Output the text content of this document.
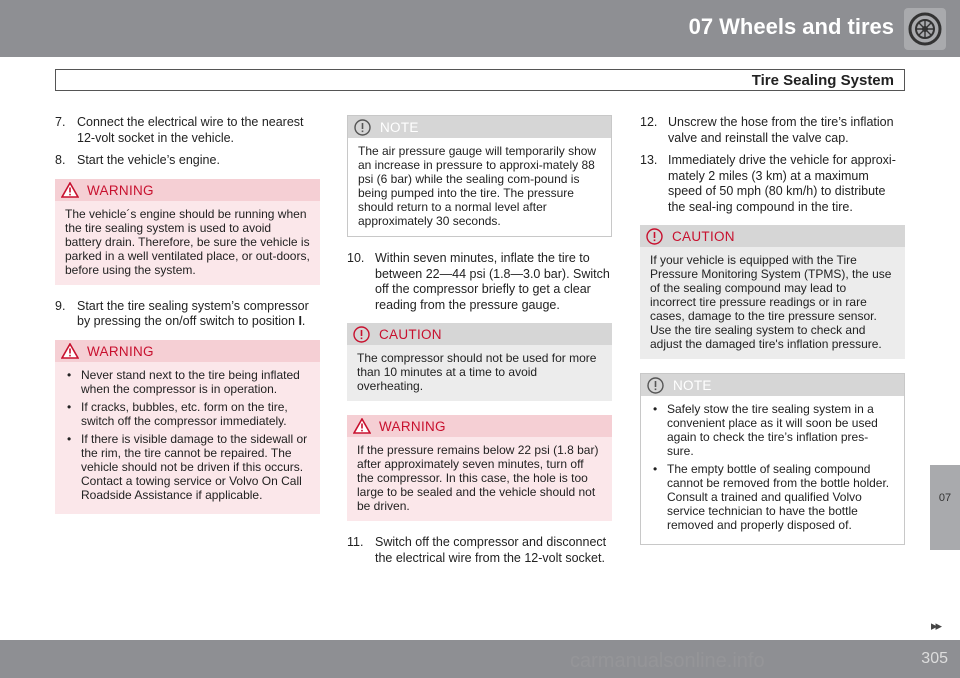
07 Wheels and tires
Tire Sealing System
7. Connect the electrical wire to the nearest 12-volt socket in the vehicle.
8. Start the vehicle’s engine.
WARNING
The vehicle´s engine should be running when the tire sealing system is used to avoid battery drain. Therefore, be sure the vehicle is parked in a well ventilated place, or out-doors, before using the system.
9. Start the tire sealing system’s compressor by pressing the on/off switch to position I.
WARNING
• Never stand next to the tire being inflated when the compressor is in operation.
• If cracks, bubbles, etc. form on the tire, switch off the compressor immediately.
• If there is visible damage to the sidewall or the rim, the tire cannot be repaired. The vehicle should not be driven if this occurs. Contact a towing service or Volvo On Call Roadside Assistance if applicable.
NOTE
The air pressure gauge will temporarily show an increase in pressure to approxi-mately 88 psi (6 bar) while the sealing com-pound is being pumped into the tire. The pressure should return to a normal level after approximately 30 seconds.
10. Within seven minutes, inflate the tire to between 22—44 psi (1.8—3.0 bar). Switch off the compressor briefly to get a clear reading from the pressure gauge.
CAUTION
The compressor should not be used for more than 10 minutes at a time to avoid overheating.
WARNING
If the pressure remains below 22 psi (1.8 bar) after approximately seven minutes, turn off the compressor. In this case, the hole is too large to be sealed and the vehicle should not be driven.
11. Switch off the compressor and disconnect the electrical wire from the 12-volt socket.
12. Unscrew the hose from the tire’s inflation valve and reinstall the valve cap.
13. Immediately drive the vehicle for approxi-mately 2 miles (3 km) at a maximum speed of 50 mph (80 km/h) to distribute the seal-ing compound in the tire.
CAUTION
If your vehicle is equipped with the Tire Pressure Monitoring System (TPMS), the use of the sealing compound may lead to incorrect tire pressure readings or in rare cases, damage to the tire pressure sensor. Use the tire sealing system to check and adjust the damaged tire's inflation pressure.
NOTE
• Safely stow the tire sealing system in a convenient place as it will soon be used again to check the tire’s inflation pres-sure.
• The empty bottle of sealing compound cannot be removed from the bottle holder. Consult a trained and qualified Volvo service technician to have the bottle removed and properly disposed of.
07
▸▸
305
carmanualsonline.info
